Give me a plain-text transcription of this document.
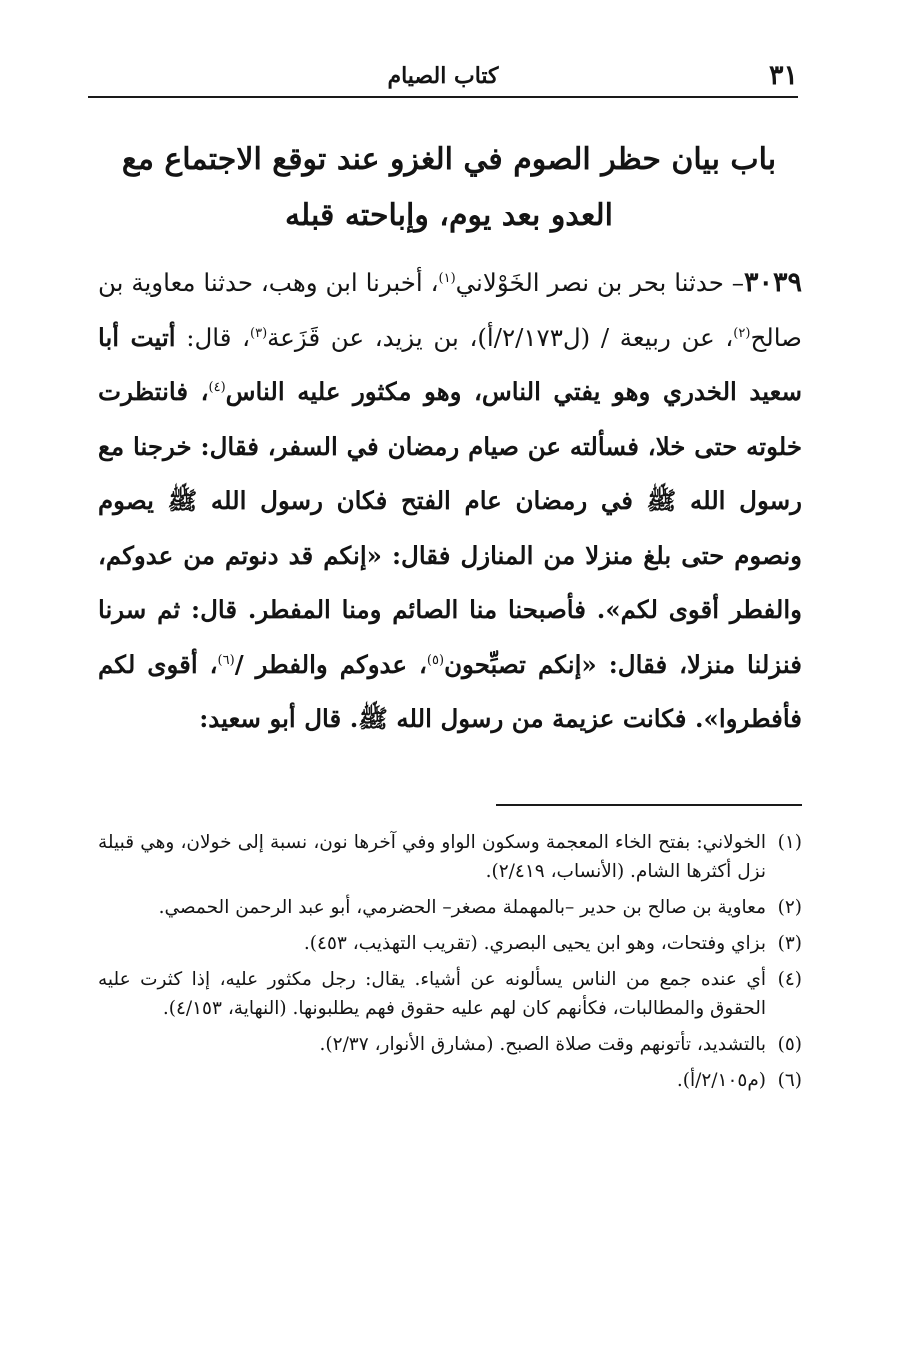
كتاب الصيام	٣١
باب بيان حظر الصوم في الغزو عند توقع الاجتماع مع العدو بعد يوم، وإباحته قبله

٣٠٣٩– حدثنا بحر بن نصر الخَوْلاني$^{(١)}$، أخبرنا ابن وهب، حدثنا معاوية بن صالح$^{(٢)}$، عن ربيعة / (ل٢/١٧٣/أ)، بن يزيد، عن قَزَعة$^{(٣)}$، قال: أتيت أبا سعيد الخدري وهو يفتي الناس، وهو مكثور عليه الناس$^{(٤)}$، فانتظرت خلوته حتى خلا، فسألته عن صيام رمضان في السفر، فقال: خرجنا مع رسول الله ﷺ في رمضان عام الفتح فكان رسول الله ﷺ يصوم ونصوم حتى بلغ منزلا من المنازل فقال: «إنكم قد دنوتم من عدوكم، والفطر أقوى لكم». فأصبحنا منا الصائم ومنا المفطر. قال: ثم سرنا فنزلنا منزلا، فقال: «إنكم تصبِّحون$^{(٥)}$، عدوكم والفطر /$^{(٦)}$، أقوى لكم فأفطروا». فكانت عزيمة من رسول الله ﷺ. قال أبو سعيد:

(١)الخولاني: بفتح الخاء المعجمة وسكون الواو وفي آخرها نون، نسبة إلى خولان، وهي قبيلة نزل أكثرها الشام. (الأنساب، ٢/٤١٩).
(٢)معاوية بن صالح بن حدير –بالمهملة مصغر– الحضرمي، أبو عبد الرحمن الحمصي.
(٣)بزاي وفتحات، وهو ابن يحيى البصري. (تقريب التهذيب، ٤٥٣).
(٤)أي عنده جمع من الناس يسألونه عن أشياء. يقال: رجل مكثور عليه، إذا كثرت عليه الحقوق والمطالبات، فكأنهم كان لهم عليه حقوق فهم يطلبونها. (النهاية، ٤/١٥٣).
(٥)بالتشديد، تأتونهم وقت صلاة الصبح. (مشارق الأنوار، ٢/٣٧).
(٦)(م٢/١٠٥/أ).
